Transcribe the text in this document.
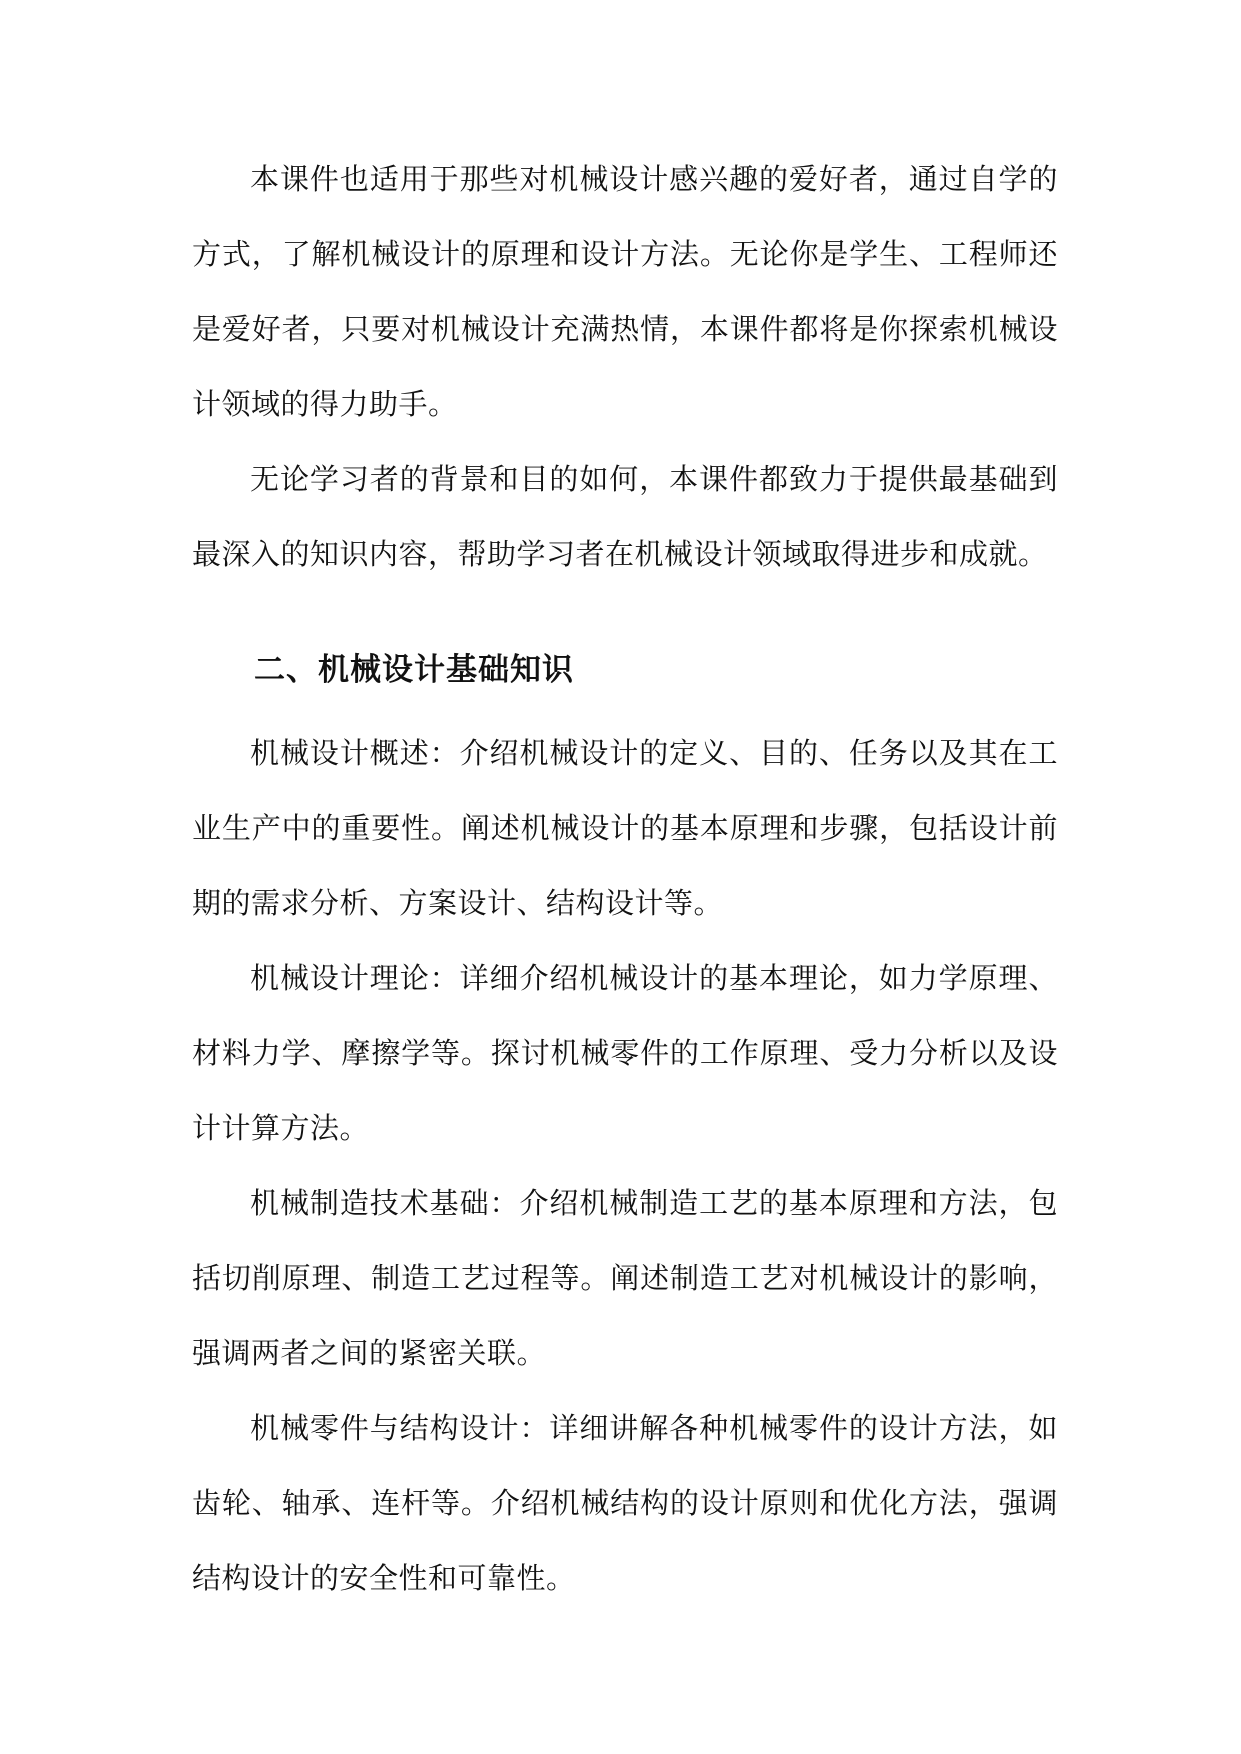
本课件也适用于那些对机械设计感兴趣的爱好者，通过自学的方式，了解机械设计的原理和设计方法。无论你是学生、工程师还是爱好者，只要对机械设计充满热情，本课件都将是你探索机械设计领域的得力助手。

无论学习者的背景和目的如何，本课件都致力于提供最基础到最深入的知识内容，帮助学习者在机械设计领域取得进步和成就。

二、机械设计基础知识

机械设计概述：介绍机械设计的定义、目的、任务以及其在工业生产中的重要性。阐述机械设计的基本原理和步骤，包括设计前期的需求分析、方案设计、结构设计等。

机械设计理论：详细介绍机械设计的基本理论，如力学原理、材料力学、摩擦学等。探讨机械零件的工作原理、受力分析以及设计计算方法。

机械制造技术基础：介绍机械制造工艺的基本原理和方法，包括切削原理、制造工艺过程等。阐述制造工艺对机械设计的影响，强调两者之间的紧密关联。

机械零件与结构设计：详细讲解各种机械零件的设计方法，如齿轮、轴承、连杆等。介绍机械结构的设计原则和优化方法，强调结构设计的安全性和可靠性。
